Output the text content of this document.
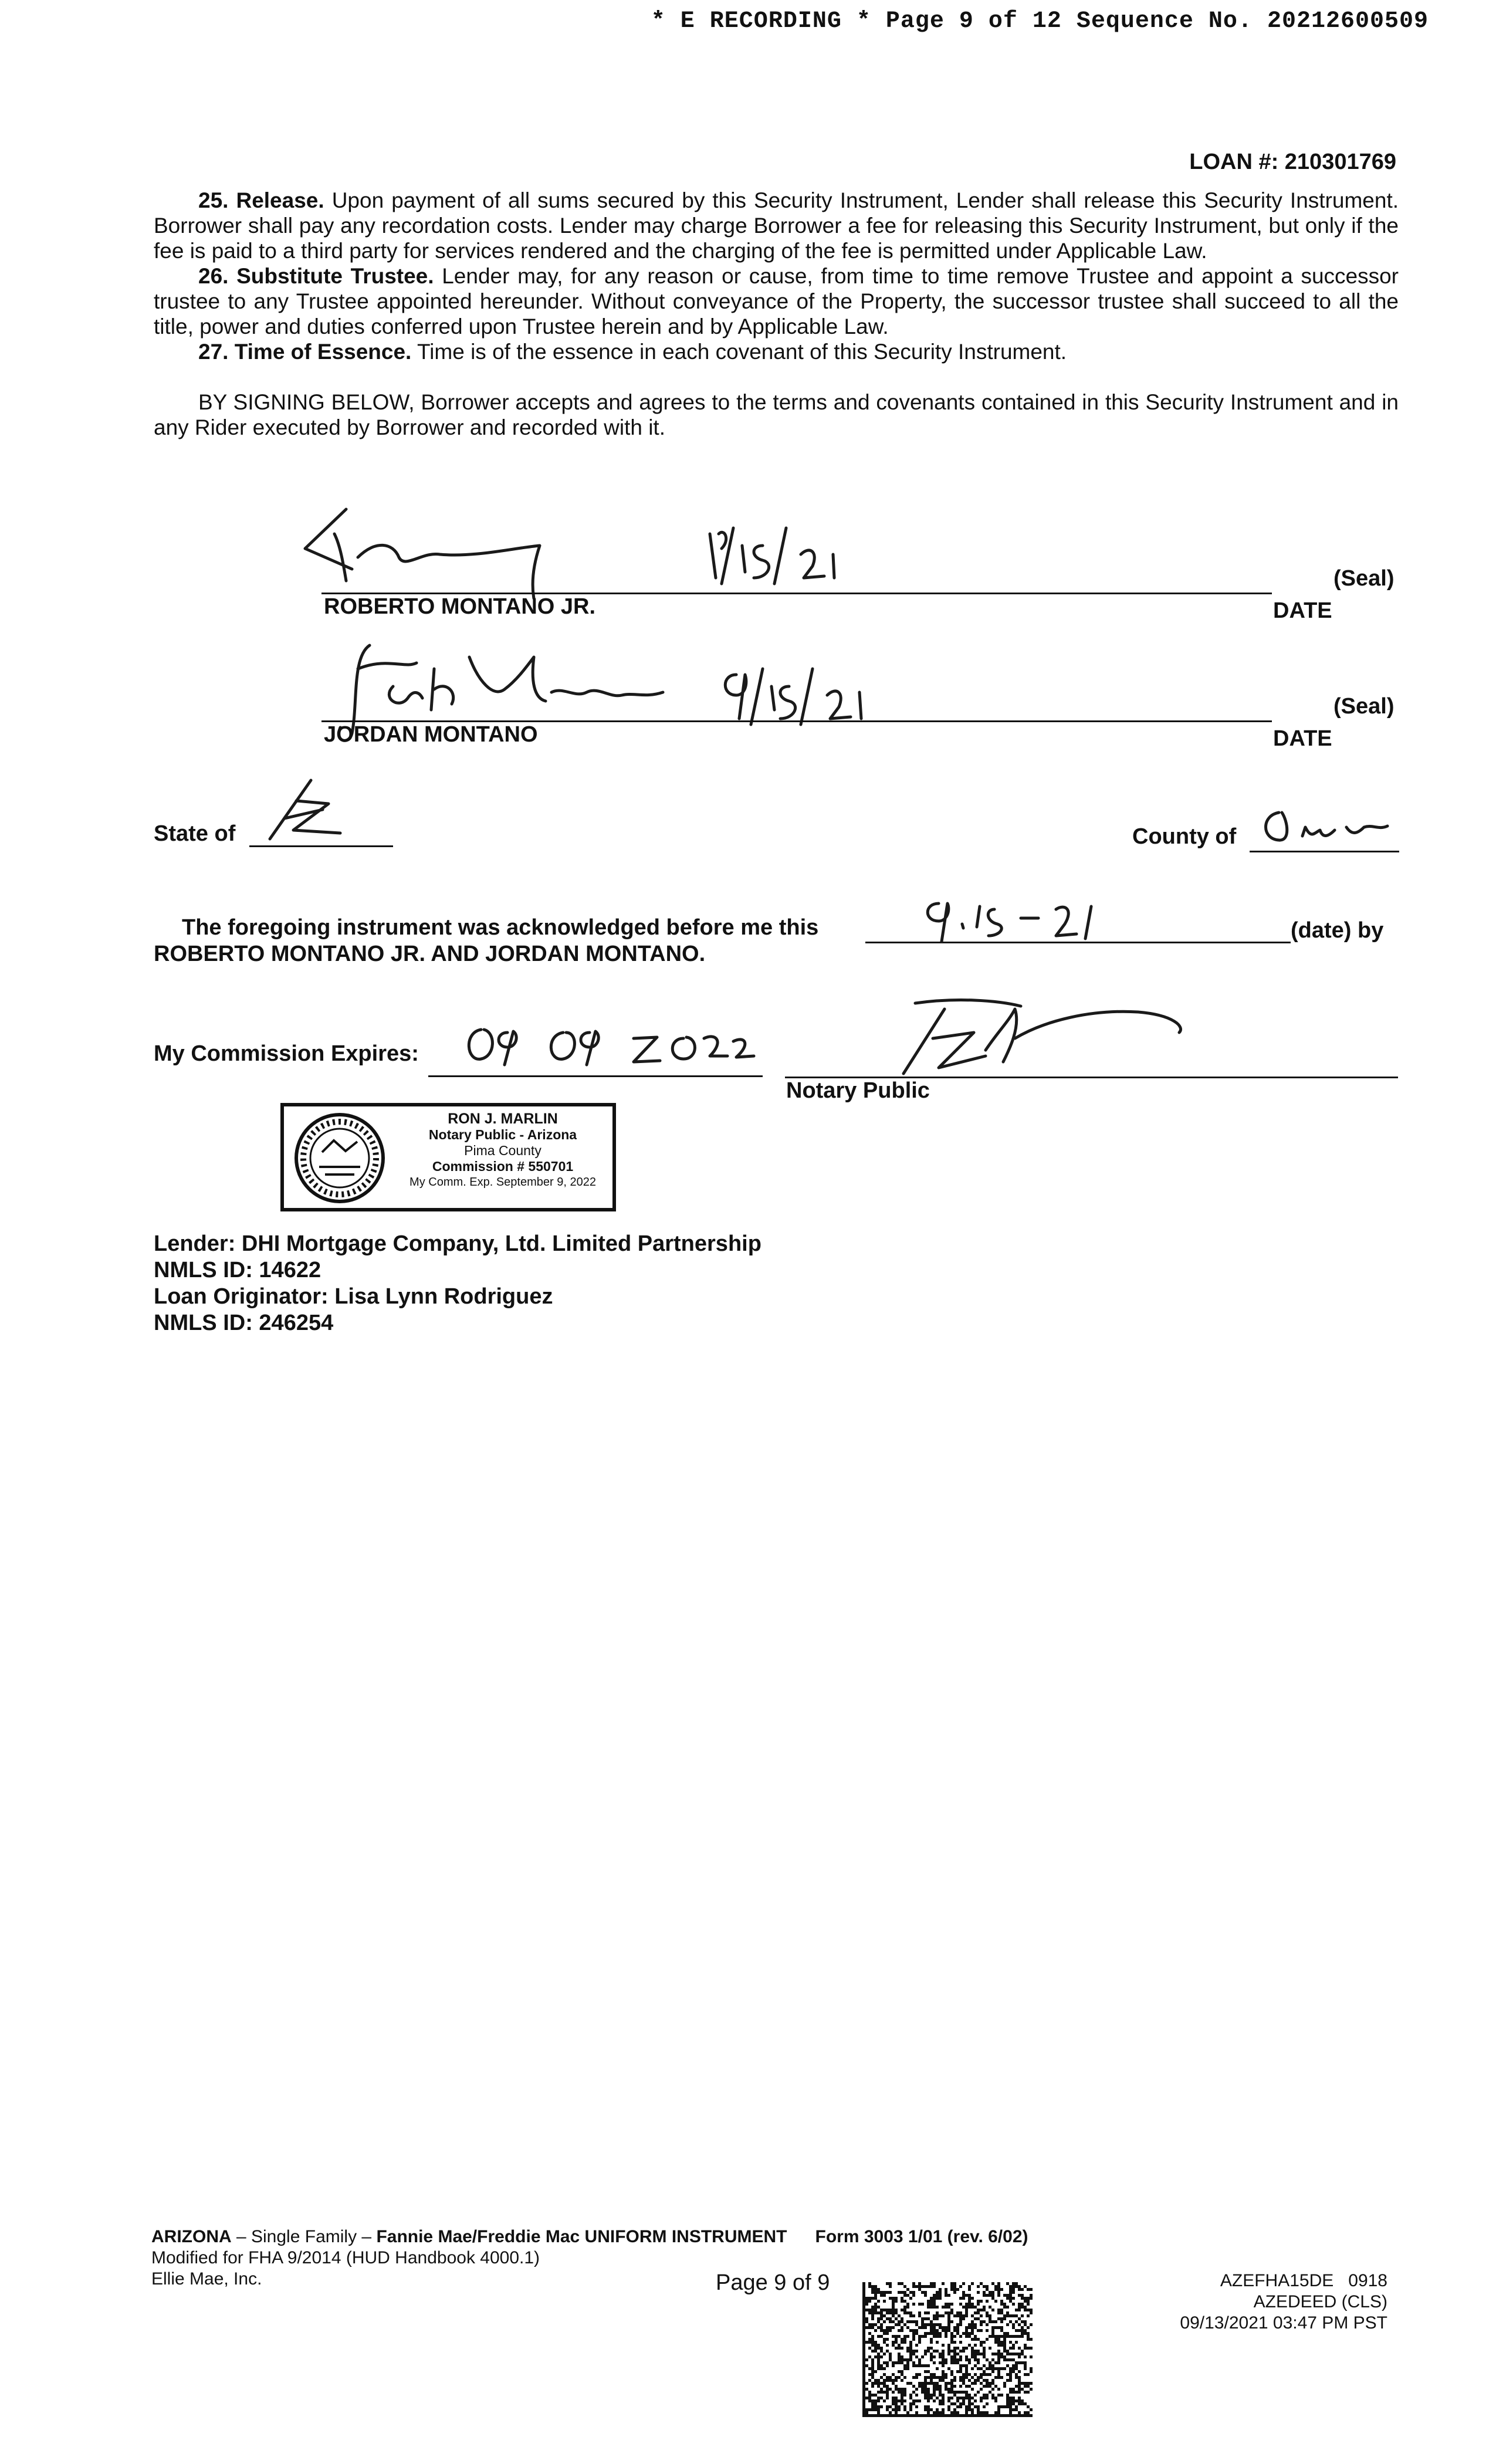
* E RECORDING * Page 9 of 12 Sequence No. 20212600509
LOAN #: 210301769

25. Release. Upon payment of all sums secured by this Security Instrument, Lender shall release this Security Instrument. Borrower shall pay any recordation costs. Lender may charge Borrower a fee for releasing this Security Instrument, but only if the fee is paid to a third party for services rendered and the charging of the fee is permitted under Applicable Law.

26. Substitute Trustee. Lender may, for any reason or cause, from time to time remove Trustee and appoint a successor trustee to any Trustee appointed hereunder. Without conveyance of the Property, the successor trustee shall succeed to all the title, power and duties conferred upon Trustee herein and by Applicable Law.

27. Time of Essence. Time is of the essence in each covenant of this Security Instrument.

BY SIGNING BELOW, Borrower accepts and agrees to the terms and covenants contained in this Security Instrument and in any Rider executed by Borrower and recorded with it.

ROBERTO MONTANO JR.	DATE
(Seal)
JORDAN MONTANO	DATE
(Seal)
State of	County of
The foregoing instrument was acknowledged before me this	(date) by
ROBERTO MONTANO JR. AND JORDAN MONTANO.
My Commission Expires:
Notary Public
RON J. MARLIN
Notary Public - Arizona
Pima County
Commission # 550701
My Comm. Exp. September 9, 2022
Lender: DHI Mortgage Company, Ltd. Limited Partnership
NMLS ID: 14622
Loan Originator: Lisa Lynn Rodriguez
NMLS ID: 246254
ARIZONA – Single Family – Fannie Mae/Freddie Mac UNIFORM INSTRUMENT Form 3003 1/01 (rev. 6/02)
Modified for FHA 9/2014 (HUD Handbook 4000.1)
Ellie Mae, Inc.	Page 9 of 9	AZEFHA15DE   0918
AZEDEED (CLS)
09/13/2021 03:47 PM PST
